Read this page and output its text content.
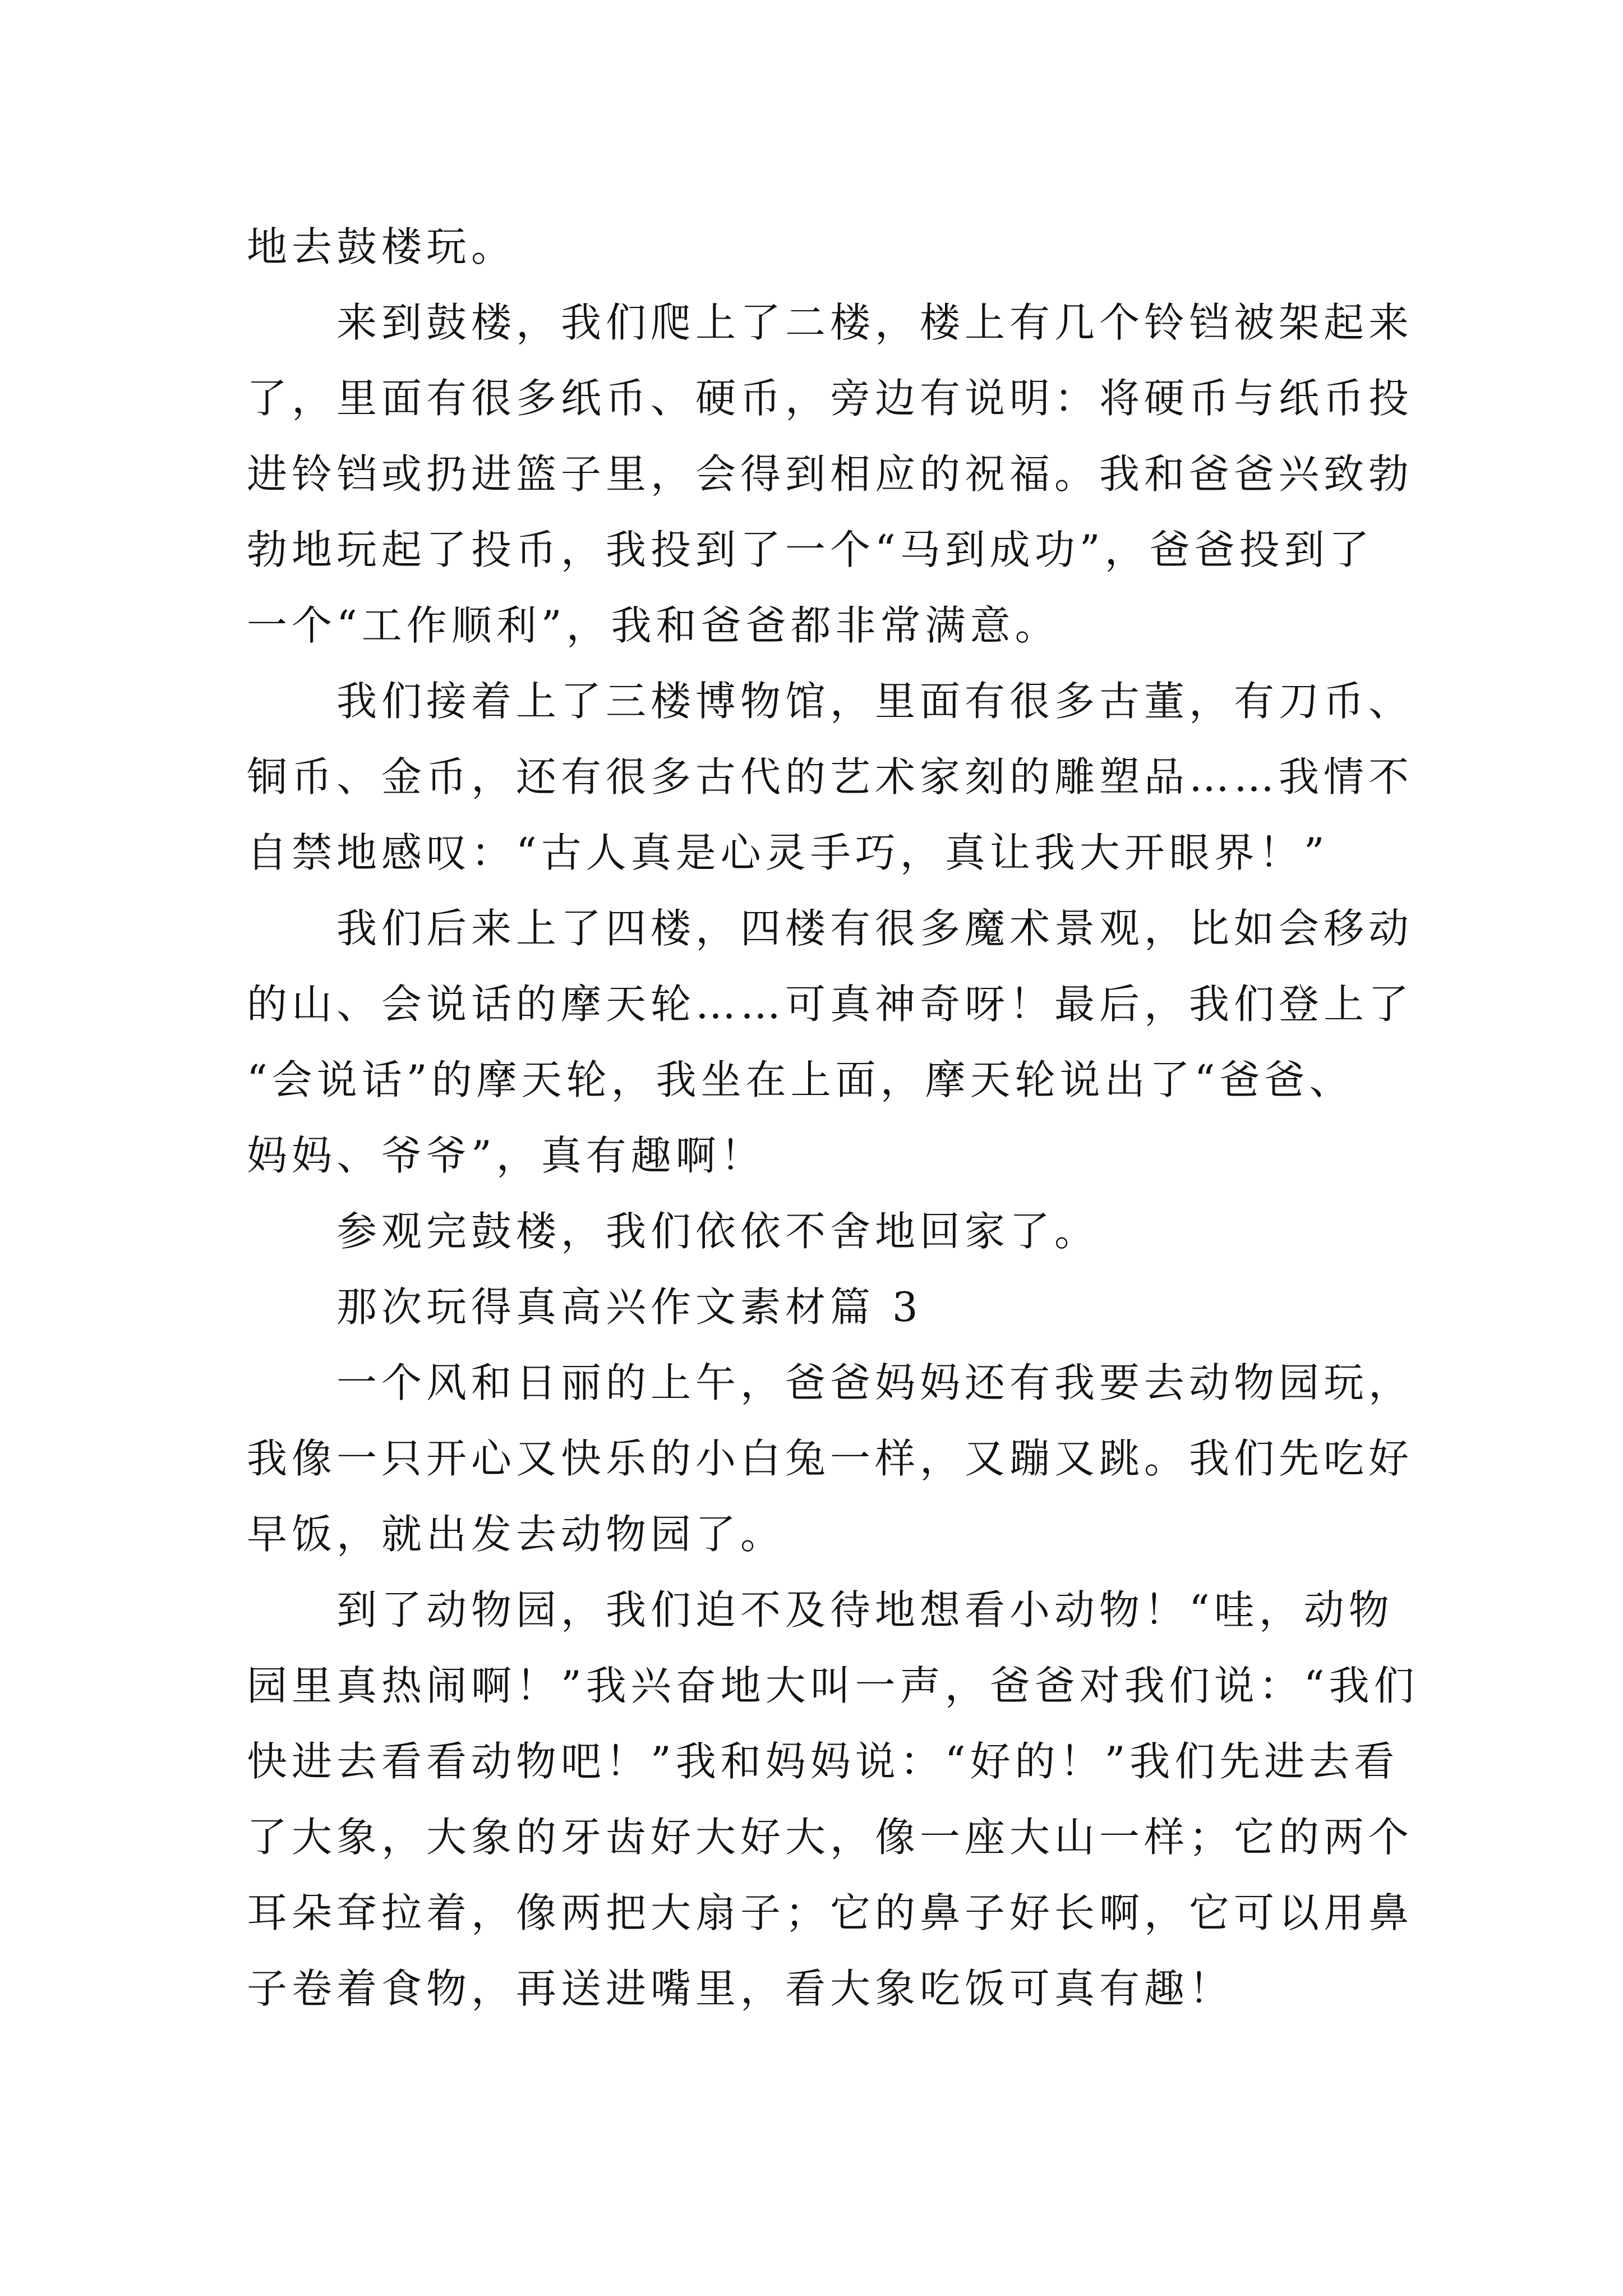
地去鼓楼玩。
来到鼓楼，我们爬上了二楼，楼上有几个铃铛被架起来
了，里面有很多纸币、硬币，旁边有说明：将硬币与纸币投
进铃铛或扔进篮子里，会得到相应的祝福。我和爸爸兴致勃
勃地玩起了投币，我投到了一个“马到成功”，爸爸投到了
一个“工作顺利”，我和爸爸都非常满意。
我们接着上了三楼博物馆，里面有很多古董，有刀币、
铜币、金币，还有很多古代的艺术家刻的雕塑品……我情不
自禁地感叹：“古人真是心灵手巧，真让我大开眼界！”
我们后来上了四楼，四楼有很多魔术景观，比如会移动
的山、会说话的摩天轮……可真神奇呀！最后，我们登上了
“会说话”的摩天轮，我坐在上面，摩天轮说出了“爸爸、
妈妈、爷爷”，真有趣啊！
参观完鼓楼，我们依依不舍地回家了。
那次玩得真高兴作文素材篇 3
一个风和日丽的上午，爸爸妈妈还有我要去动物园玩，
我像一只开心又快乐的小白兔一样，又蹦又跳。我们先吃好
早饭，就出发去动物园了。
到了动物园，我们迫不及待地想看小动物！“哇，动物
园里真热闹啊！”我兴奋地大叫一声，爸爸对我们说：“我们
快进去看看动物吧！”我和妈妈说：“好的！”我们先进去看
了大象，大象的牙齿好大好大，像一座大山一样；它的两个
耳朵耷拉着，像两把大扇子；它的鼻子好长啊，它可以用鼻
子卷着食物，再送进嘴里，看大象吃饭可真有趣！
